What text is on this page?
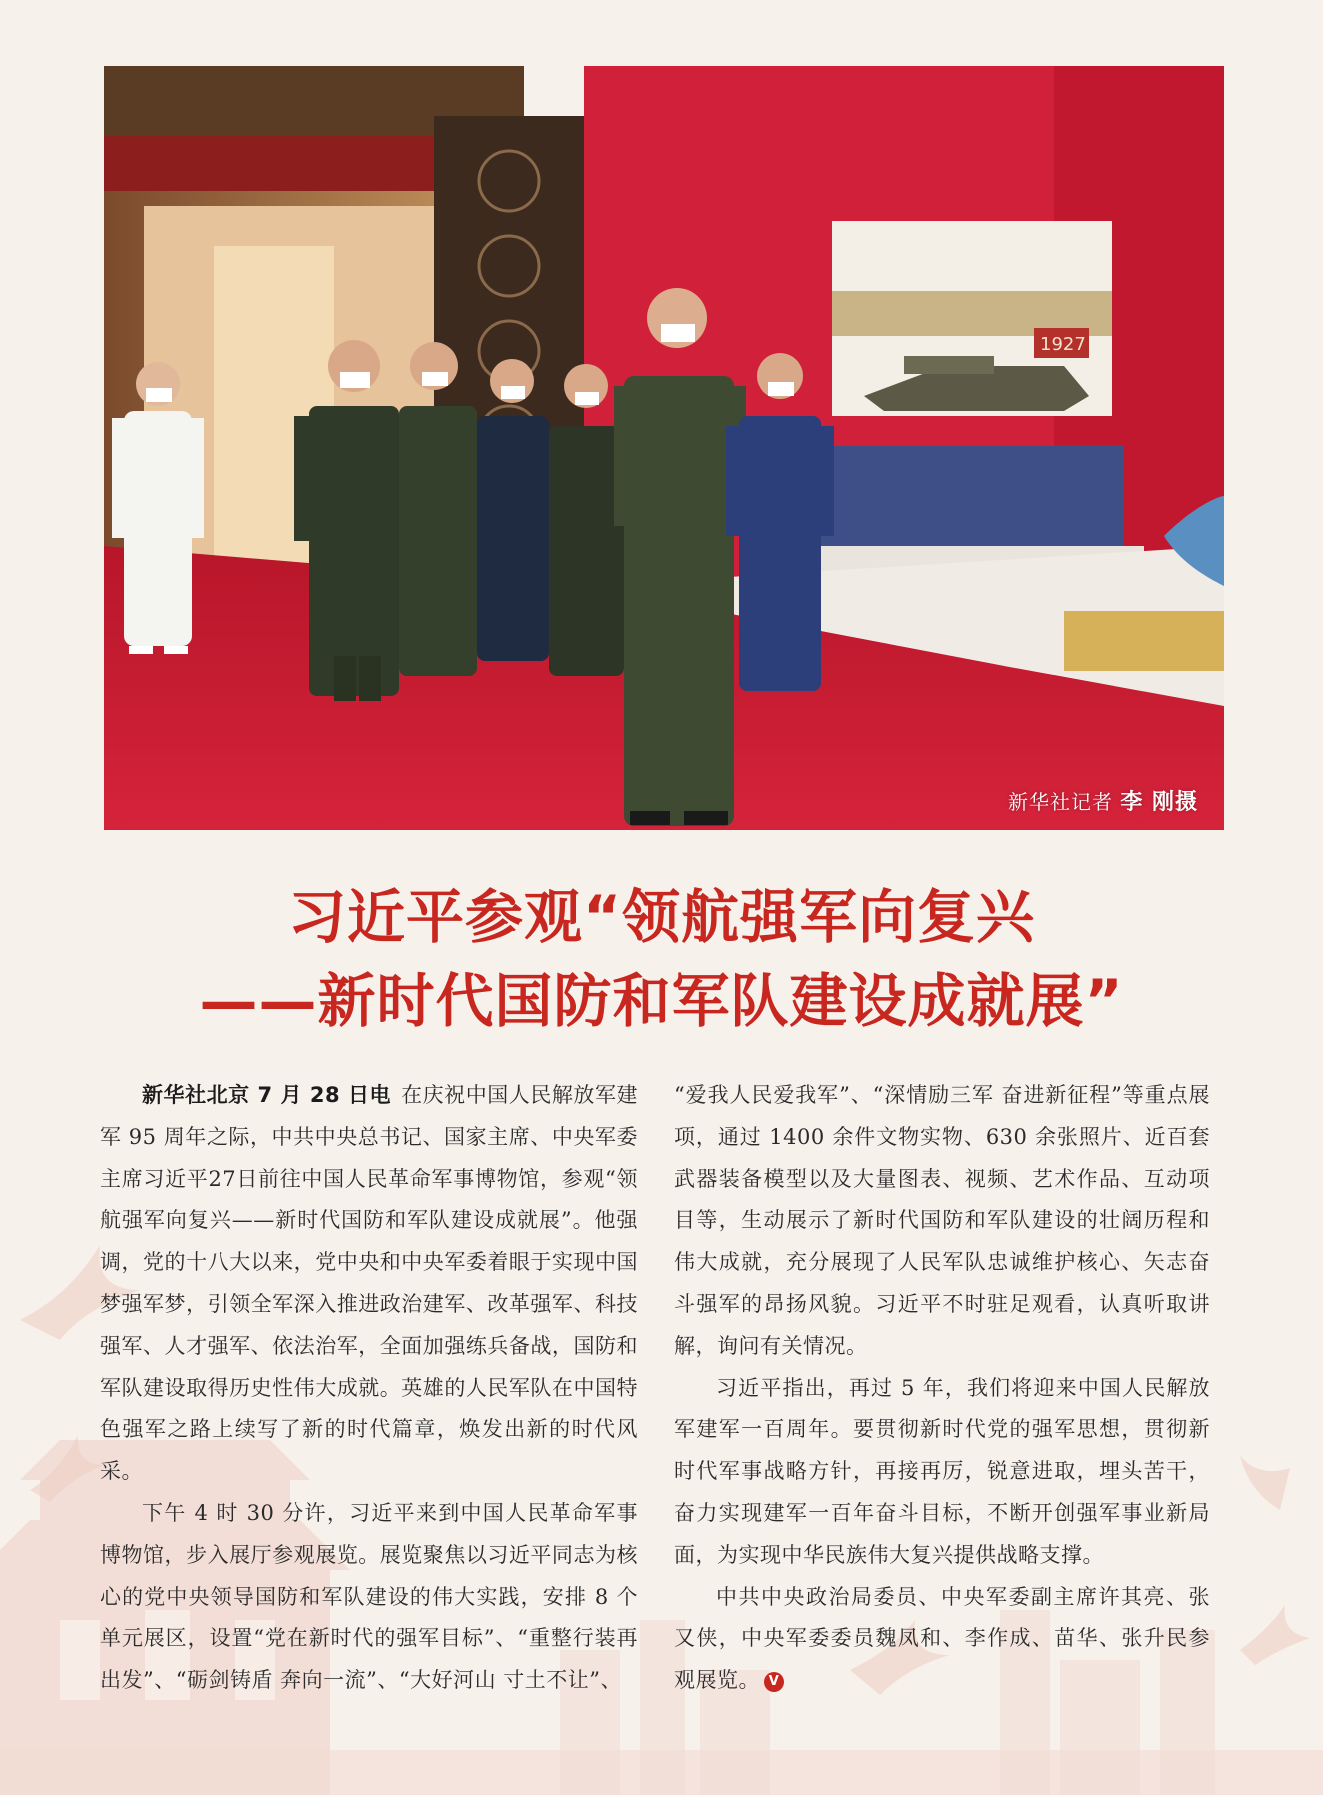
1927
新华社记者 李 刚摄
习近平参观“领航强军向复兴
——新时代国防和军队建设成就展”

新华社北京 7 月 28 日电 在庆祝中国人民解放军建军 95 周年之际，中共中央总书记、国家主席、中央军委主席习近平27日前往中国人民革命军事博物馆，参观“领航强军向复兴——新时代国防和军队建设成就展”。他强调，党的十八大以来，党中央和中央军委着眼于实现中国梦强军梦，引领全军深入推进政治建军、改革强军、科技强军、人才强军、依法治军，全面加强练兵备战，国防和军队建设取得历史性伟大成就。英雄的人民军队在中国特色强军之路上续写了新的时代篇章，焕发出新的时代风采。

下午 4 时 30 分许，习近平来到中国人民革命军事博物馆，步入展厅参观展览。展览聚焦以习近平同志为核心的党中央领导国防和军队建设的伟大实践，安排 8 个单元展区，设置“党在新时代的强军目标”、“重整行装再出发”、“砺剑铸盾 奔向一流”、“大好河山 寸土不让”、

“爱我人民爱我军”、“深情励三军 奋进新征程”等重点展项，通过 1400 余件文物实物、630 余张照片、近百套武器装备模型以及大量图表、视频、艺术作品、互动项目等，生动展示了新时代国防和军队建设的壮阔历程和伟大成就，充分展现了人民军队忠诚维护核心、矢志奋斗强军的昂扬风貌。习近平不时驻足观看，认真听取讲解，询问有关情况。

习近平指出，再过 5 年，我们将迎来中国人民解放军建军一百周年。要贯彻新时代党的强军思想，贯彻新时代军事战略方针，再接再厉，锐意进取，埋头苦干，奋力实现建军一百年奋斗目标，不断开创强军事业新局面，为实现中华民族伟大复兴提供战略支撑。

中共中央政治局委员、中央军委副主席许其亮、张又侠，中央军委委员魏凤和、李作成、苗华、张升民参观展览。 V
